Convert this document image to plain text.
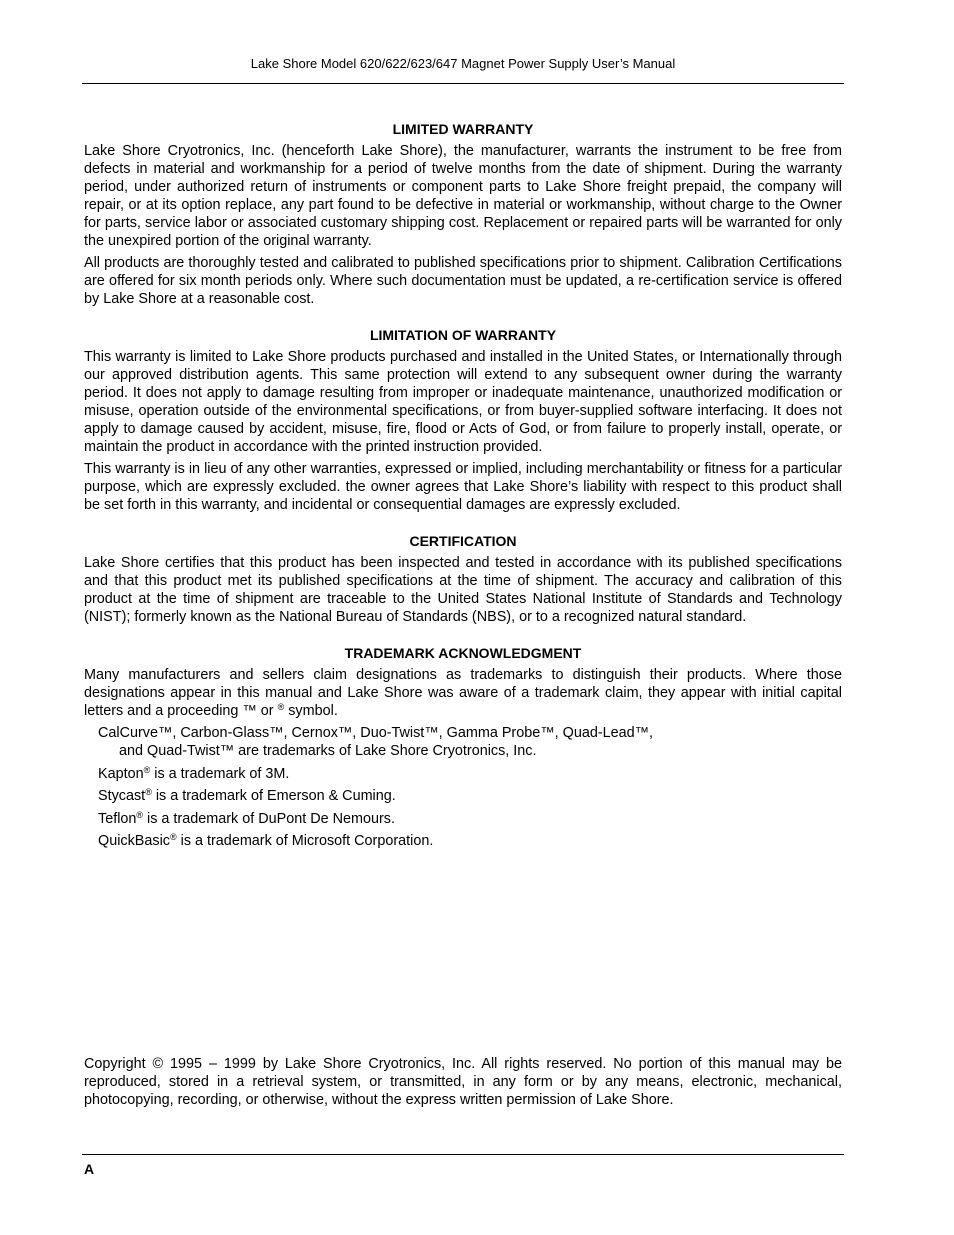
Lake Shore Model 620/622/623/647 Magnet Power Supply User’s Manual
LIMITED WARRANTY

Lake Shore Cryotronics, Inc. (henceforth Lake Shore), the manufacturer, warrants the instrument to be free from defects in material and workmanship for a period of twelve months from the date of shipment. During the warranty period, under authorized return of instruments or component parts to Lake Shore freight prepaid, the company will repair, or at its option replace, any part found to be defective in material or workmanship, without charge to the Owner for parts, service labor or associated customary shipping cost. Replacement or repaired parts will be warranted for only the unexpired portion of the original warranty.

All products are thoroughly tested and calibrated to published specifications prior to shipment. Calibration Certifications are offered for six month periods only. Where such documentation must be updated, a re-certification service is offered by Lake Shore at a reasonable cost.

LIMITATION OF WARRANTY

This warranty is limited to Lake Shore products purchased and installed in the United States, or Internationally through our approved distribution agents. This same protection will extend to any subsequent owner during the warranty period. It does not apply to damage resulting from improper or inadequate maintenance, unauthorized modification or misuse, operation outside of the environmental specifications, or from buyer-supplied software interfacing. It does not apply to damage caused by accident, misuse, fire, flood or Acts of God, or from failure to properly install, operate, or maintain the product in accordance with the printed instruction provided.

This warranty is in lieu of any other warranties, expressed or implied, including merchantability or fitness for a particular purpose, which are expressly excluded. the owner agrees that Lake Shore’s liability with respect to this product shall be set forth in this warranty, and incidental or consequential damages are expressly excluded.

CERTIFICATION

Lake Shore certifies that this product has been inspected and tested in accordance with its published specifications and that this product met its published specifications at the time of shipment. The accuracy and calibration of this product at the time of shipment are traceable to the United States National Institute of Standards and Technology (NIST); formerly known as the National Bureau of Standards (NBS), or to a recognized natural standard.

TRADEMARK ACKNOWLEDGMENT

Many manufacturers and sellers claim designations as trademarks to distinguish their products. Where those designations appear in this manual and Lake Shore was aware of a trademark claim, they appear with initial capital letters and a proceeding ™ or ® symbol.

CalCurve™, Carbon-Glass™, Cernox™, Duo-Twist™, Gamma Probe™, Quad-Lead™,
and Quad-Twist™ are trademarks of Lake Shore Cryotronics, Inc.
Kapton® is a trademark of 3M.
Stycast® is a trademark of Emerson & Cuming.
Teflon® is a trademark of DuPont De Nemours.
QuickBasic® is a trademark of Microsoft Corporation.

Copyright © 1995 – 1999 by Lake Shore Cryotronics, Inc. All rights reserved. No portion of this manual may be reproduced, stored in a retrieval system, or transmitted, in any form or by any means, electronic, mechanical, photocopying, recording, or otherwise, without the express written permission of Lake Shore.

A
